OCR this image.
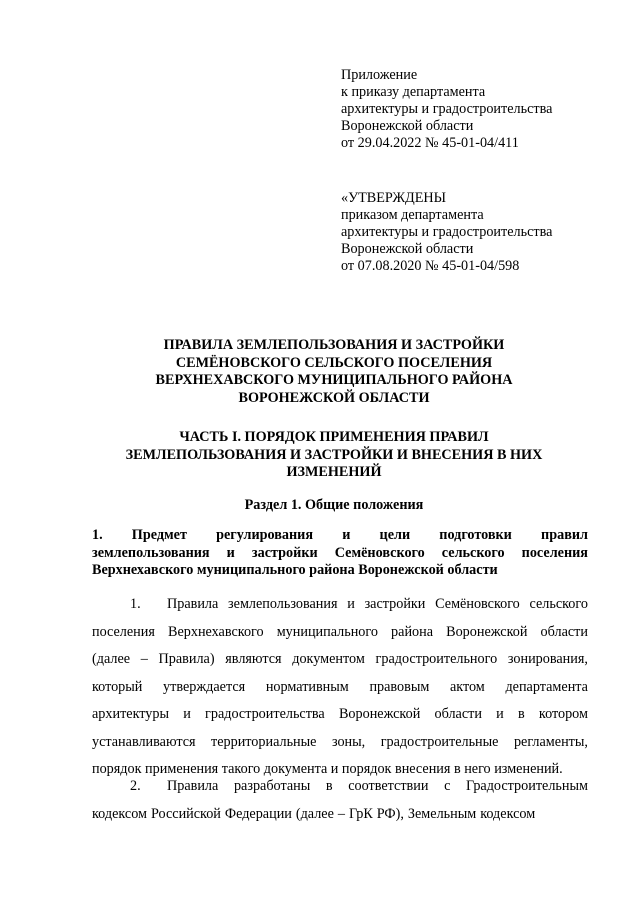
Приложение
к приказу департамента
архитектуры и градостроительства
Воронежской области
от 29.04.2022 № 45-01-04/411
«УТВЕРЖДЕНЫ
приказом департамента
архитектуры и градостроительства
Воронежской области
от 07.08.2020 № 45-01-04/598
ПРАВИЛА ЗЕМЛЕПОЛЬЗОВАНИЯ И ЗАСТРОЙКИ
СЕМЁНОВСКОГО СЕЛЬСКОГО ПОСЕЛЕНИЯ
ВЕРХНЕХАВСКОГО МУНИЦИПАЛЬНОГО РАЙОНА
ВОРОНЕЖСКОЙ ОБЛАСТИ
ЧАСТЬ I. ПОРЯДОК ПРИМЕНЕНИЯ ПРАВИЛ
ЗЕМЛЕПОЛЬЗОВАНИЯ И ЗАСТРОЙКИ И ВНЕСЕНИЯ В НИХ
ИЗМЕНЕНИЙ
Раздел 1. Общие положения
1. Предмет регулирования и цели подготовки правил
землепользования и застройки Семёновского сельского поселения
Верхнехавского муниципального района Воронежской области
1.	Правила землепользования и застройки Семёновского сельского
поселения Верхнехавского муниципального района Воронежской области
(далее – Правила) являются документом градостроительного зонирования,
который утверждается нормативным правовым актом департамента
архитектуры и градостроительства Воронежской области и в котором
устанавливаются территориальные зоны, градостроительные регламенты,
порядок применения такого документа и порядок внесения в него изменений.
2.	Правила разработаны в соответствии с Градостроительным
кодексом Российской Федерации (далее – ГрК РФ), Земельным кодексом
